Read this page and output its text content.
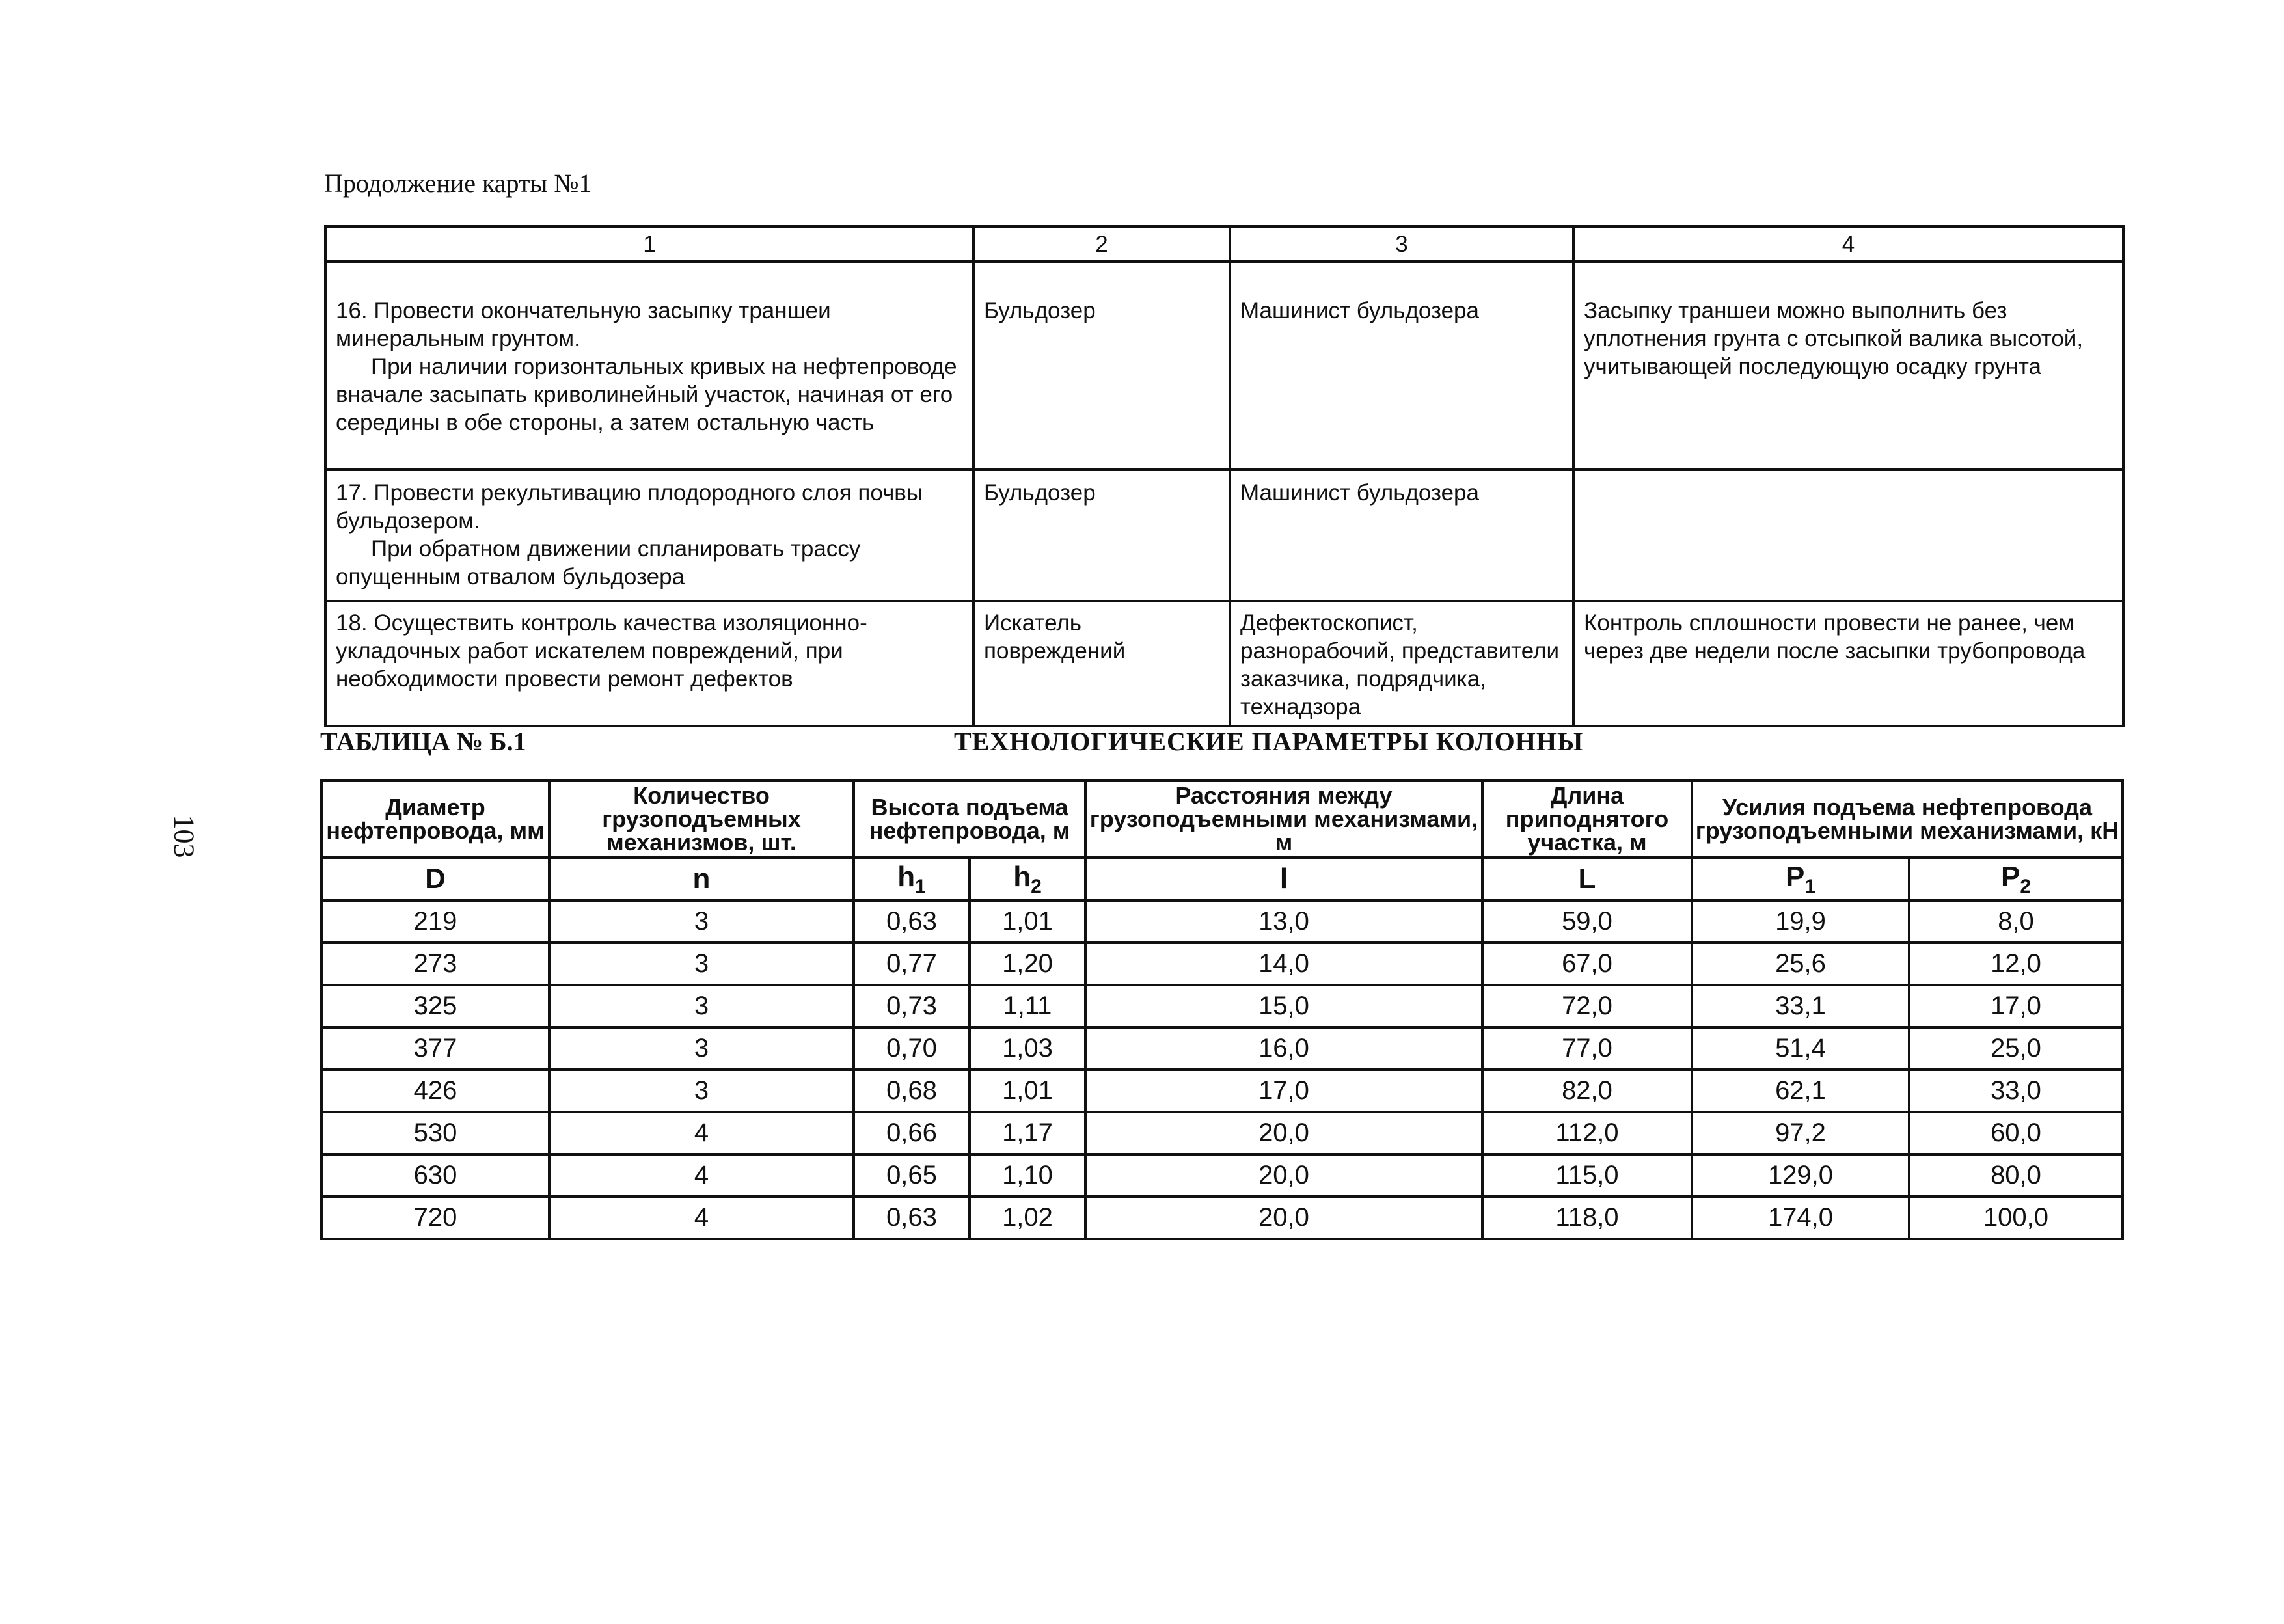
Продолжение карты №1
1	2	3	4

16. Провести окончательную засыпку траншеи минеральным грунтом.
При наличии горизонтальных кривых на нефтепроводе вначале засыпать криволинейный участок, начиная от его середины в обе стороны, а затем остальную часть	Бульдозер	Машинист бульдозера	Засыпку траншеи можно выполнить без уплотнения грунта с отсыпкой валика высотой, учитывающей последующую осадку грунта

17. Провести рекультивацию плодородного слоя почвы бульдозером.
При обратном движении спланировать трассу опущенным отвалом бульдозера	Бульдозер	Машинист бульдозера	

18. Осуществить контроль качества изоляционно-укладочных работ искателем повреждений, при необходимости провести ремонт дефектов	Искатель повреждений	Дефектоскопист, разнорабочий, представители заказчика, подрядчика, технадзора	Контроль сплошности провести не ранее, чем через две недели после засыпки трубопровода
ТАБЛИЦА № Б.1	ТЕХНОЛОГИЧЕСКИЕ ПАРАМЕТРЫ КОЛОННЫ
Диаметр нефтепровода, мм	Количество грузоподъемных механизмов, шт.	Высота подъема нефтепровода, м		Расстояния между грузоподъемными механизмами, м	Длина приподнятого участка, м	Усилия подъема нефтепровода грузоподъемными механизмами, кН	
D	n	$h_1$	$h_2$	l	L	$P_1$	$P_2$
219	3	0,63	1,01	13,0	59,0	19,9	8,0
273	3	0,77	1,20	14,0	67,0	25,6	12,0
325	3	0,73	1,11	15,0	72,0	33,1	17,0
377	3	0,70	1,03	16,0	77,0	51,4	25,0
426	3	0,68	1,01	17,0	82,0	62,1	33,0
530	4	0,66	1,17	20,0	112,0	97,2	60,0
630	4	0,65	1,10	20,0	115,0	129,0	80,0
720	4	0,63	1,02	20,0	118,0	174,0	100,0
103
